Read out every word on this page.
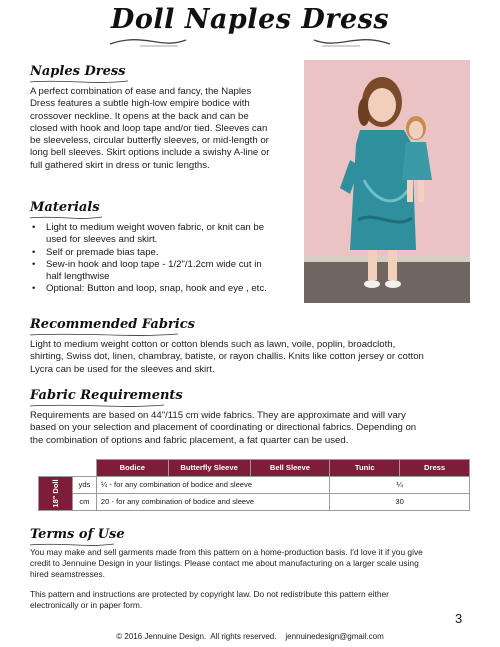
Doll Naples Dress
Naples Dress
A perfect combination of ease and fancy, the Naples
Dress features a subtle high-low empire bodice with
crossover neckline. It opens at the back and can be
closed with hook and loop tape and/or tied. Sleeves can
be sleeveless, circular butterfly sleeves, or mid-length or
long bell sleeves. Skirt options include a swishy A-line or
full gathered skirt in dress or tunic lengths.
Materials
• Light to medium weight woven fabric, or knit can be
used for sleeves and skirt.
• Self or premade bias tape.
• Sew-in hook and loop tape - 1/2"/1.2cm wide cut in
half lengthwise
• Optional: Button and loop, snap, hook and eye , etc.
Recommended Fabrics
Light to medium weight cotton or cotton blends such as lawn, voile, poplin, broadcloth,
shirting, Swiss dot, linen, chambray, batiste, or rayon challis. Knits like cotton jersey or cotton
Lycra can be used for the sleeves and skirt.
Fabric Requirements
Requirements are based on 44"/115 cm wide fabrics. They are approximate and will vary
based on your selection and placement of coordinating or directional fabrics. Depending on
the combination of options and fabric placement, a fat quarter can be used.
		Bodice	Butterfly Sleeve	Bell Sleeve	Tunic	Dress

18" Doll	yds	¼ - for any combination of bodice and sleeve			¼	
	cm	20 - for any combination of bodice and sleeve			30	
Terms of Use
You may make and sell garments made from this pattern on a home-production basis. I'd love it if you give
credit to Jennuine Design in your listings. Please contact me about manufacturing on a larger scale using
hired seamstresses.
This pattern and instructions are protected by copyright law. Do not redistribute this pattern either
electronically or in paper form.
3
© 2016 Jennuine Design.  All rights reserved.    jennuinedesign@gmail.com
